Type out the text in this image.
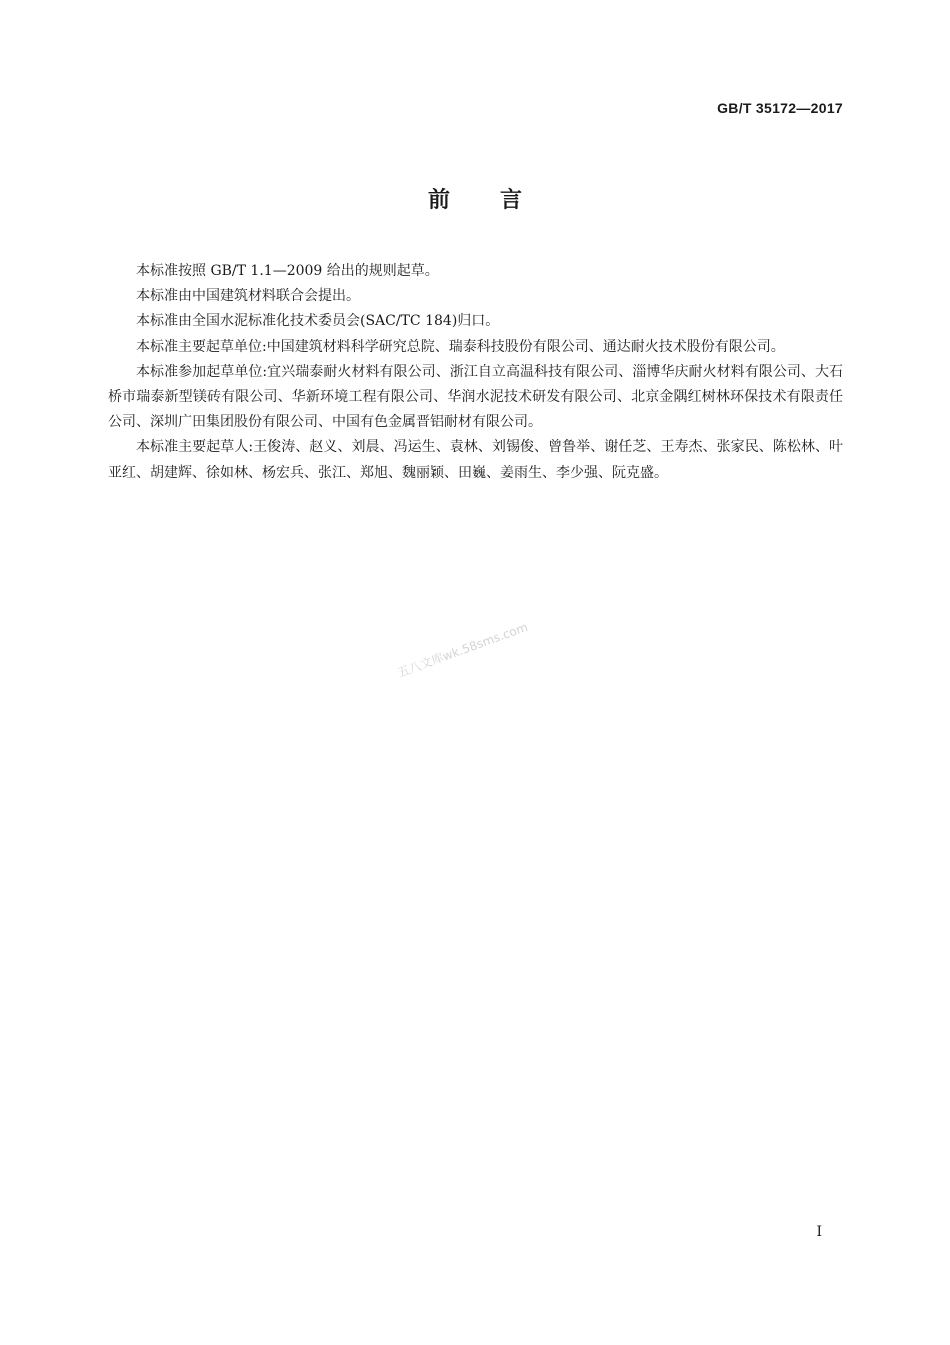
GB/T 35172—2017
前言

本标准按照 GB/T 1.1—2009 给出的规则起草。

本标准由中国建筑材料联合会提出。

本标准由全国水泥标准化技术委员会(SAC/TC 184)归口。

本标准主要起草单位:中国建筑材料科学研究总院、瑞泰科技股份有限公司、通达耐火技术股份有限公司。

本标准参加起草单位:宜兴瑞泰耐火材料有限公司、浙江自立高温科技有限公司、淄博华庆耐火材料有限公司、大石桥市瑞泰新型镁砖有限公司、华新环境工程有限公司、华润水泥技术研发有限公司、北京金隅红树林环保技术有限责任公司、深圳广田集团股份有限公司、中国有色金属晋铝耐材有限公司。

本标准主要起草人:王俊涛、赵义、刘晨、冯运生、袁林、刘锡俊、曾鲁举、谢任芝、王寿杰、张家民、陈松林、叶亚红、胡建辉、徐如林、杨宏兵、张江、郑旭、魏丽颖、田巍、姜雨生、李少强、阮克盛。

五八文库wk.58sms.com
I
